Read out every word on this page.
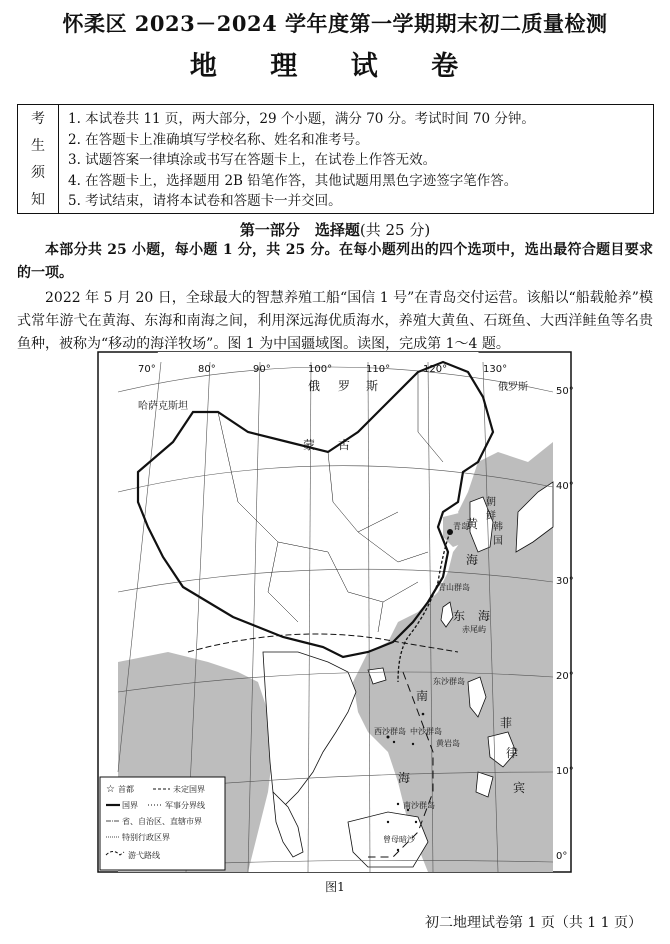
怀柔区 2023－2024 学年度第一学期期末初二质量检测
地 理 试 卷
考
生
须
知
1. 本试卷共 11 页，两大部分，29 个小题，满分 70 分。考试时间 70 分钟。
2. 在答题卡上准确填写学校名称、姓名和准考号。
3. 试题答案一律填涂或书写在答题卡上，在试卷上作答无效。
4. 在答题卡上，选择题用 2B 铅笔作答，其他试题用黑色字迹签字笔作答。
5. 考试结束，请将本试卷和答题卡一并交回。
第一部分　选择题(共 25 分)
本部分共 25 小题，每小题 1 分，共 25 分。在每小题列出的四个选项中，选出最符合题目要求的一项。
2022 年 5 月 20 日，全球最大的智慧养殖工船“国信 1 号”在青岛交付运营。该船以“船载舱养”模式常年游弋在黄海、东海和南海之间，利用深远海优质海水，养殖大黄鱼、石斑鱼、大西洋鲑鱼等名贵鱼种，被称为“移动的海洋牧场”。图 1 为中国疆域图。读图，完成第 1～4 题。
70°	80°	90°	100°	110°	120°	130°
50°
40°
30°
20°
10°
0°
哈萨克斯坦
俄 罗 斯	俄罗斯
蒙 古
朝
鲜
韩
国
黄
海
东 海
南
海
菲
律
宾
青岛
青山群岛
赤尾屿
东沙群岛
西沙群岛 中沙群岛
黄岩岛
南沙群岛
曾母暗沙
☆ 首都	未定国界
国界	军事分界线
省、自治区、直辖市界
特别行政区界
游弋路线
图1
初二地理试卷第 1 页（共 1 1 页）
